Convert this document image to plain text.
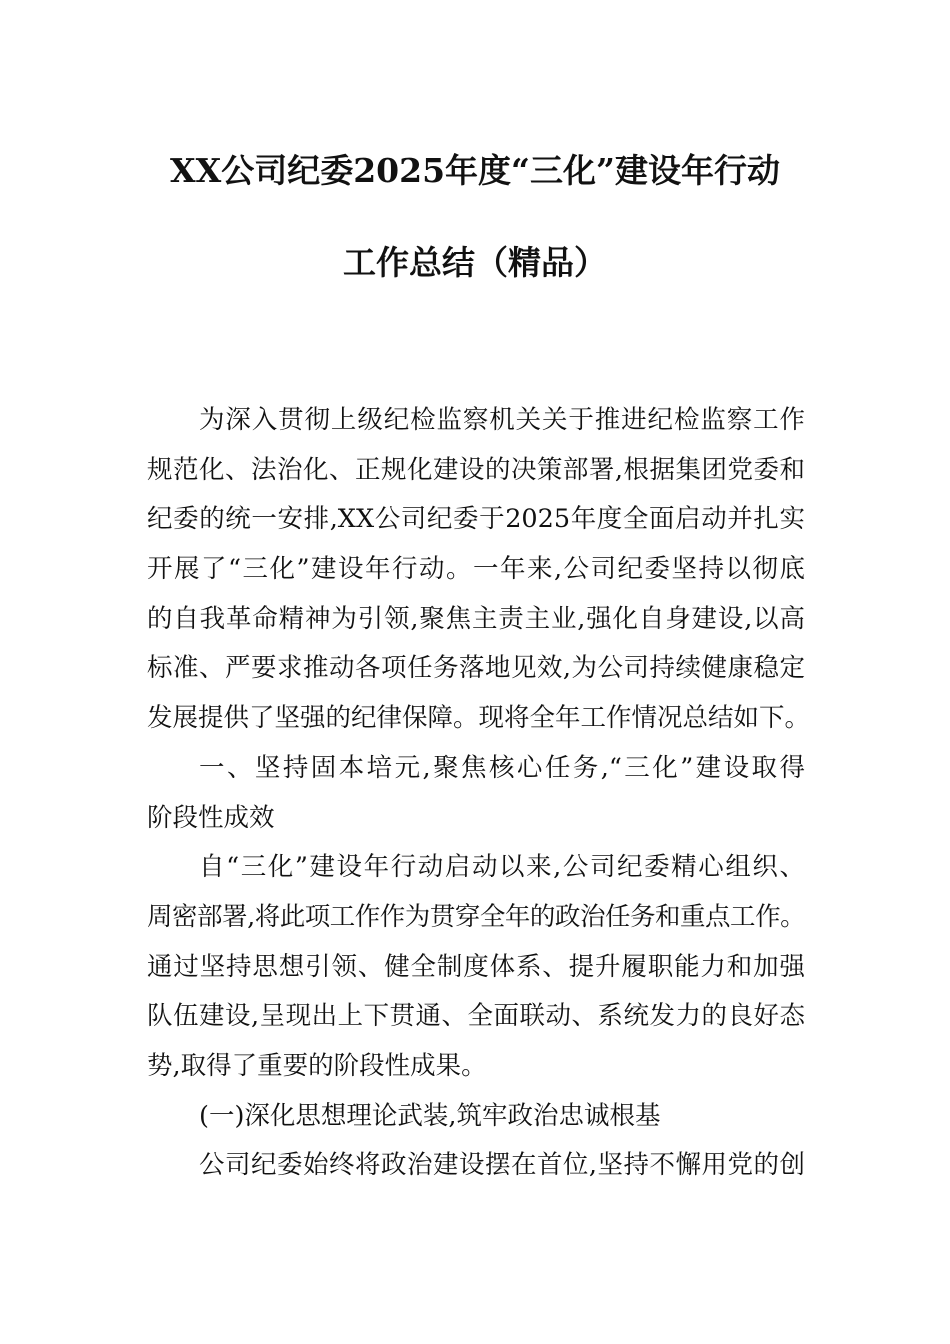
XX公司纪委2025年度“三化”建设年行动
工作总结（精品）
为深入贯彻上级纪检监察机关关于推进纪检监察工作
规范化、法治化、正规化建设的决策部署,根据集团党委和
纪委的统一安排,XX公司纪委于2025年度全面启动并扎实
开展了“三化”建设年行动。一年来,公司纪委坚持以彻底
的自我革命精神为引领,聚焦主责主业,强化自身建设,以高
标准、严要求推动各项任务落地见效,为公司持续健康稳定
发展提供了坚强的纪律保障。现将全年工作情况总结如下。
一、坚持固本培元,聚焦核心任务,“三化”建设取得
阶段性成效
自“三化”建设年行动启动以来,公司纪委精心组织、
周密部署,将此项工作作为贯穿全年的政治任务和重点工作。
通过坚持思想引领、健全制度体系、提升履职能力和加强
队伍建设,呈现出上下贯通、全面联动、系统发力的良好态
势,取得了重要的阶段性成果。
(一)深化思想理论武装,筑牢政治忠诚根基
公司纪委始终将政治建设摆在首位,坚持不懈用党的创
